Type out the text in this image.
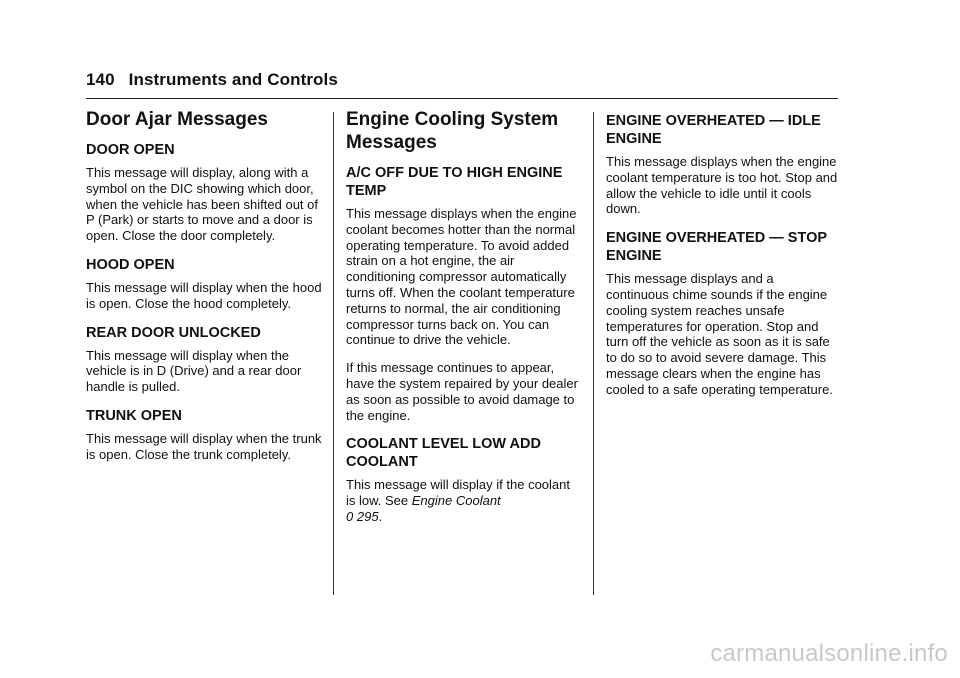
140 Instruments and Controls
Door Ajar Messages
DOOR OPEN

This message will display, along with a symbol on the DIC showing which door, when the vehicle has been shifted out of P (Park) or starts to move and a door is open. Close the door completely.

HOOD OPEN

This message will display when the hood is open. Close the hood completely.

REAR DOOR UNLOCKED

This message will display when the vehicle is in D (Drive) and a rear door handle is pulled.

TRUNK OPEN

This message will display when the trunk is open. Close the trunk completely.

Engine Cooling System Messages
A/C OFF DUE TO HIGH ENGINE TEMP

This message displays when the engine coolant becomes hotter than the normal operating temperature. To avoid added strain on a hot engine, the air conditioning compressor automatically turns off. When the coolant temperature returns to normal, the air conditioning compressor turns back on. You can continue to drive the vehicle.

If this message continues to appear, have the system repaired by your dealer as soon as possible to avoid damage to the engine.

COOLANT LEVEL LOW ADD COOLANT

This message will display if the coolant is low. See Engine Coolant
0 295.

ENGINE OVERHEATED — IDLE ENGINE

This message displays when the engine coolant temperature is too hot. Stop and allow the vehicle to idle until it cools down.

ENGINE OVERHEATED — STOP ENGINE

This message displays and a continuous chime sounds if the engine cooling system reaches unsafe temperatures for operation. Stop and turn off the vehicle as soon as it is safe to do so to avoid severe damage. This message clears when the engine has cooled to a safe operating temperature.

carmanualsonline.info
